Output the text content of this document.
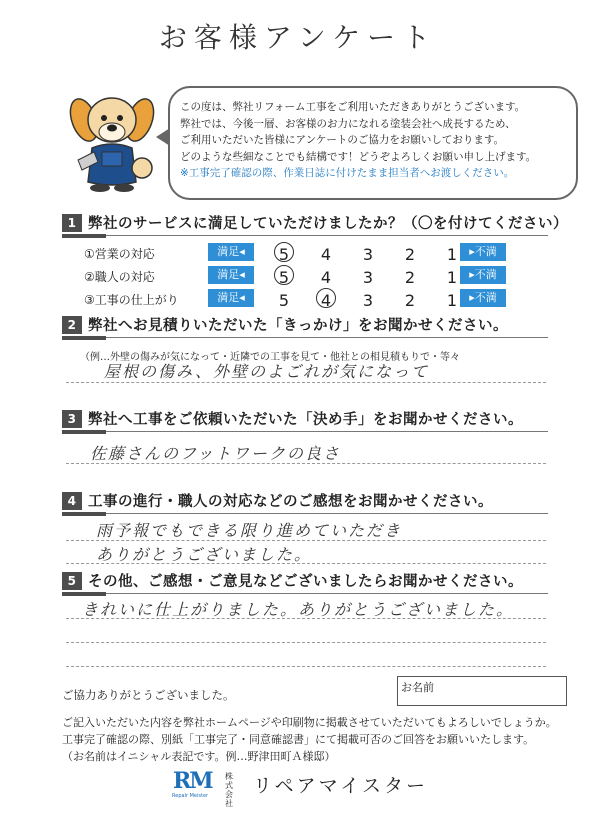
お客様アンケート
この度は、弊社リフォーム工事をご利用いただきありがとうございます。
弊社では、今後一層、お客様のお力になれる塗装会社へ成長するため、
ご利用いただいた皆様にアンケートのご協力をお願いしております。
どのような些細なことでも結構です！どうぞよろしくお願い申し上げます。
※工事完了確認の際、作業日誌に付けたまま担当者へお渡しください。
1 弊社のサービスに満足していただけましたか？（〇を付けてください）
①営業の対応	満足◂	5	4	3	2	1	▸不満
②職人の対応	満足◂	5	4	3	2	1	▸不満
③工事の仕上がり	満足◂	5	4	3	2	1	▸不満
2 弊社へお見積りいただいた「きっかけ」をお聞かせください。
（例…外壁の傷みが気になって・近隣での工事を見て・他社との相見積もりで・等々
屋根の傷み、外壁のよごれが気になって
3 弊社へ工事をご依頼いただいた「決め手」をお聞かせください。
佐藤さんのフットワークの良さ
4 工事の進行・職人の対応などのご感想をお聞かせください。
雨予報でもできる限り進めていただき
ありがとうございました。
5 その他、ご感想・ご意見などございましたらお聞かせください。
きれいに仕上がりました。ありがとうございました。
ご協力ありがとうございました。
お名前
ご記入いただいた内容を弊社ホームページや印刷物に掲載させていただいてもよろしいでしょうか。
工事完了確認の際、別紙「工事完了・同意確認書」にて掲載可否のご回答をお願いいたします。
（お名前はイニシャル表記です。例…野津田町Ａ様邸）
RM
Repair Meister
株式会社
リペアマイスター
